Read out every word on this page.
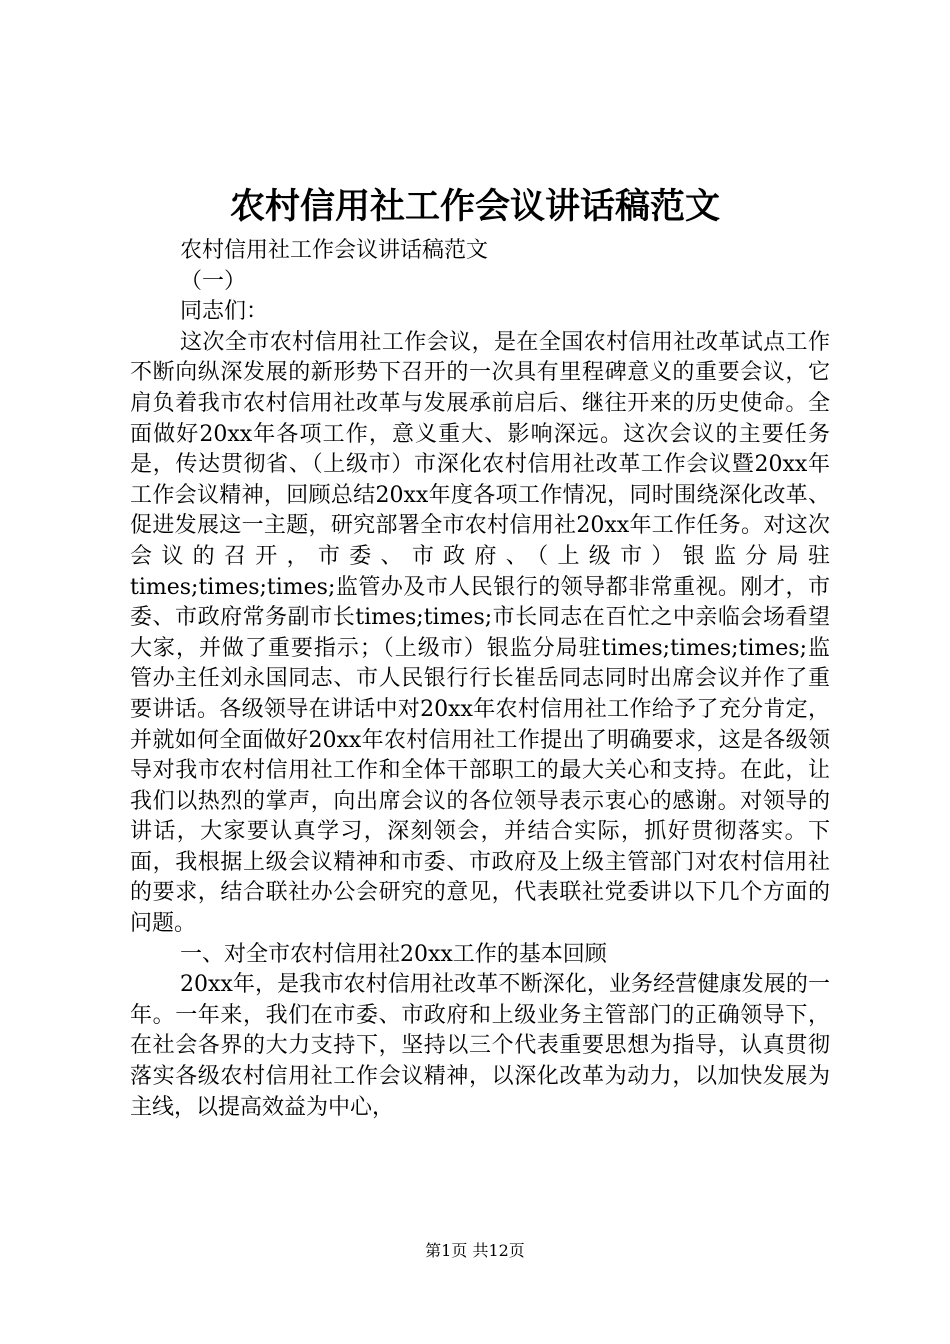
农村信用社工作会议讲话稿范文

农村信用社工作会议讲话稿范文

（一）

同志们：

这次全市农村信用社工作会议，是在全国农村信用社改革试点工作不断向纵深发展的新形势下召开的一次具有里程碑意义的重要会议，它肩负着我市农村信用社改革与发展承前启后、继往开来的历史使命。全面做好20xx年各项工作，意义重大、影响深远。这次会议的主要任务是，传达贯彻省、（上级市）市深化农村信用社改革工作会议暨20xx年工作会议精神，回顾总结20xx年度各项工作情况，同时围绕深化改革、促进发展这一主题，研究部署全市农村信用社20xx年工作任务。对这次会议的召开，市委、市政府、（上级市）银监分局驻times;times;times;监管办及市人民银行的领导都非常重视。刚才，市委、市政府常务副市长times;times;市长同志在百忙之中亲临会场看望大家，并做了重要指示；（上级市）银监分局驻times;times;times;监管办主任刘永国同志、市人民银行行长崔岳同志同时出席会议并作了重要讲话。各级领导在讲话中对20xx年农村信用社工作给予了充分肯定，并就如何全面做好20xx年农村信用社工作提出了明确要求，这是各级领导对我市农村信用社工作和全体干部职工的最大关心和支持。在此，让我们以热烈的掌声，向出席会议的各位领导表示衷心的感谢。对领导的讲话，大家要认真学习，深刻领会，并结合实际，抓好贯彻落实。下面，我根据上级会议精神和市委、市政府及上级主管部门对农村信用社的要求，结合联社办公会研究的意见，代表联社党委讲以下几个方面的问题。

一、对全市农村信用社20xx工作的基本回顾

20xx年，是我市农村信用社改革不断深化，业务经营健康发展的一年。一年来，我们在市委、市政府和上级业务主管部门的正确领导下，在社会各界的大力支持下，坚持以三个代表重要思想为指导，认真贯彻落实各级农村信用社工作会议精神，以深化改革为动力，以加快发展为主线，以提高效益为中心，

第1页 共12页
